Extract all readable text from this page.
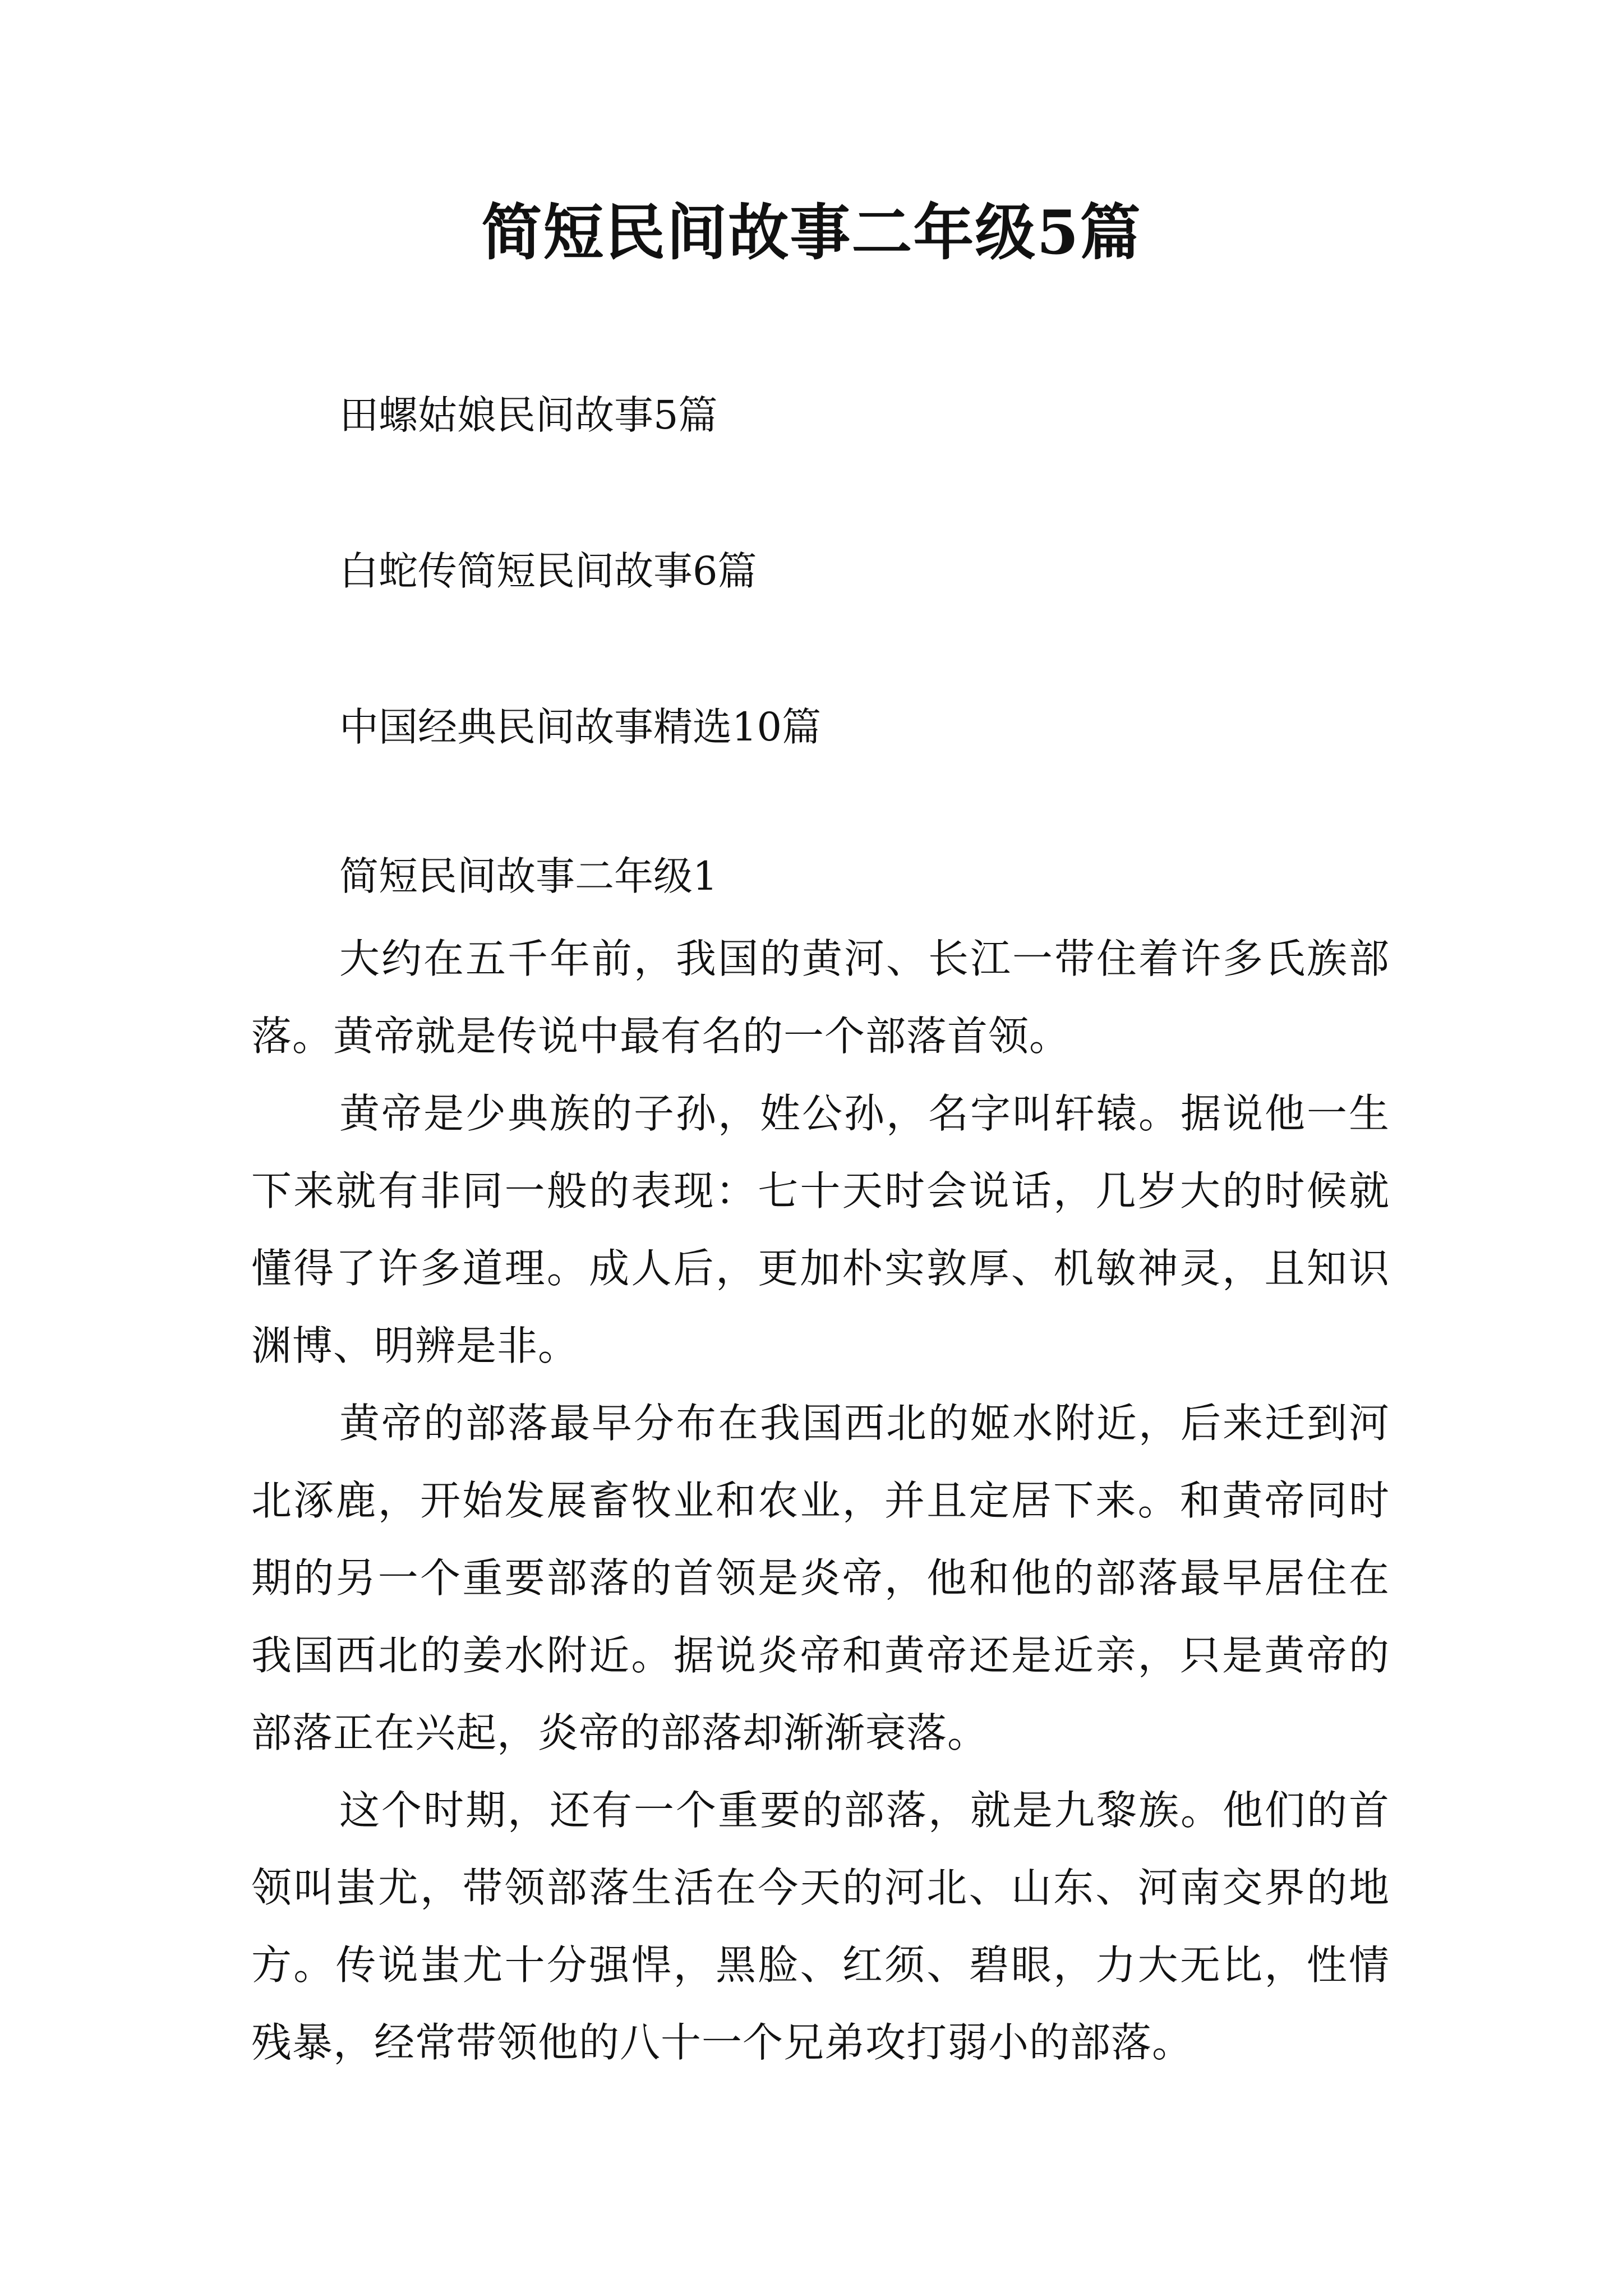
简短民间故事二年级5篇
田螺姑娘民间故事5篇
白蛇传简短民间故事6篇
中国经典民间故事精选10篇
简短民间故事二年级1

大约在五千年前，我国的黄河、长江一带住着许多氏族部落。黄帝就是传说中最有名的一个部落首领。

黄帝是少典族的子孙，姓公孙，名字叫轩辕。据说他一生下来就有非同一般的表现：七十天时会说话，几岁大的时候就懂得了许多道理。成人后，更加朴实敦厚、机敏神灵，且知识渊博、明辨是非。

黄帝的部落最早分布在我国西北的姬水附近，后来迁到河北涿鹿，开始发展畜牧业和农业，并且定居下来。和黄帝同时期的另一个重要部落的首领是炎帝，他和他的部落最早居住在我国西北的姜水附近。据说炎帝和黄帝还是近亲，只是黄帝的部落正在兴起，炎帝的部落却渐渐衰落。

这个时期，还有一个重要的部落，就是九黎族。他们的首领叫蚩尤，带领部落生活在今天的河北、山东、河南交界的地方。传说蚩尤十分强悍，黑脸、红须、碧眼，力大无比，性情残暴，经常带领他的八十一个兄弟攻打弱小的部落。
